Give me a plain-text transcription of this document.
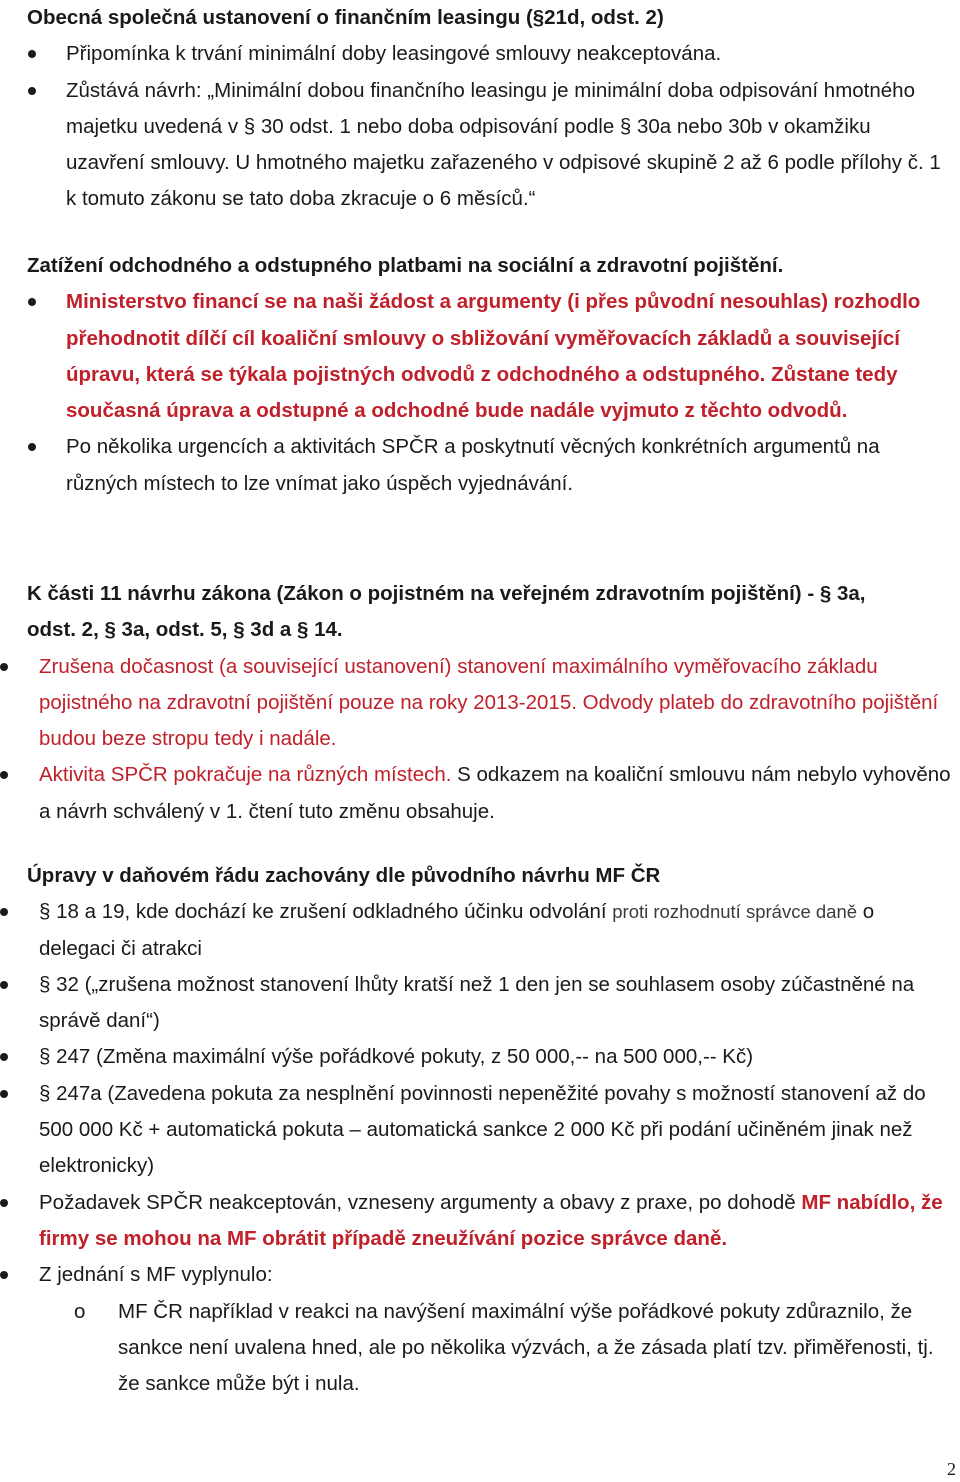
Obecná společná ustanovení o finančním leasingu (§21d, odst. 2)
Připomínka k trvání minimální doby leasingové smlouvy neakceptována.
Zůstává návrh: „Minimální dobou finančního leasingu je minimální doba odpisování hmotného majetku uvedená v § 30 odst. 1 nebo doba odpisování podle § 30a nebo 30b v okamžiku uzavření smlouvy. U hmotného majetku zařazeného v odpisové skupině 2 až 6 podle přílohy č. 1 k tomuto zákonu se tato doba zkracuje o 6 měsíců.“
Zatížení odchodného a odstupného platbami na sociální a zdravotní pojištění.
Ministerstvo financí se na naši žádost a argumenty (i přes původní nesouhlas) rozhodlo přehodnotit dílčí cíl koaliční smlouvy o sbližování vyměřovacích základů a související úpravu, která se týkala pojistných odvodů z odchodného a odstupného. Zůstane tedy současná úprava a odstupné a odchodné bude nadále vyjmuto z těchto odvodů.
Po několika urgencích a aktivitách SPČR a poskytnutí věcných konkrétních argumentů na různých místech to lze vnímat jako úspěch vyjednávání.
K části 11 návrhu zákona (Zákon o pojistném na veřejném zdravotním pojištění) - § 3a,
odst. 2, § 3a, odst. 5, § 3d a § 14.
Zrušena dočasnost (a související ustanovení) stanovení maximálního vyměřovacího základu pojistného na zdravotní pojištění pouze na roky 2013-2015. Odvody plateb do zdravotního pojištění budou beze stropu tedy i nadále.
Aktivita SPČR pokračuje na různých místech. S odkazem na koaliční smlouvu nám nebylo vyhověno a návrh schválený v 1. čtení tuto změnu obsahuje.
Úpravy v daňovém řádu zachovány dle původního návrhu MF ČR
§ 18 a 19, kde dochází ke zrušení odkladného účinku odvolání proti rozhodnutí správce daně o delegaci či atrakci
§ 32 („zrušena možnost stanovení lhůty kratší než 1 den jen se souhlasem osoby zúčastněné na správě daní“)
§ 247 (Změna maximální výše pořádkové pokuty, z 50 000,-- na 500 000,-- Kč)
§ 247a (Zavedena pokuta za nesplnění povinnosti nepeněžité povahy s možností stanovení až do 500 000 Kč + automatická pokuta – automatická sankce 2 000 Kč při podání učiněném jinak než elektronicky)
Požadavek SPČR neakceptován, vzneseny argumenty a obavy z praxe, po dohodě MF nabídlo, že firmy se mohou na MF obrátit případě zneužívání pozice správce daně.
Z jednání s MF vyplynulo:
o MF ČR například v reakci na navýšení maximální výše pořádkové pokuty zdůraznilo, že sankce není uvalena hned, ale po několika výzvách, a že zásada platí tzv. přiměřenosti, tj. že sankce může být i nula.
2
